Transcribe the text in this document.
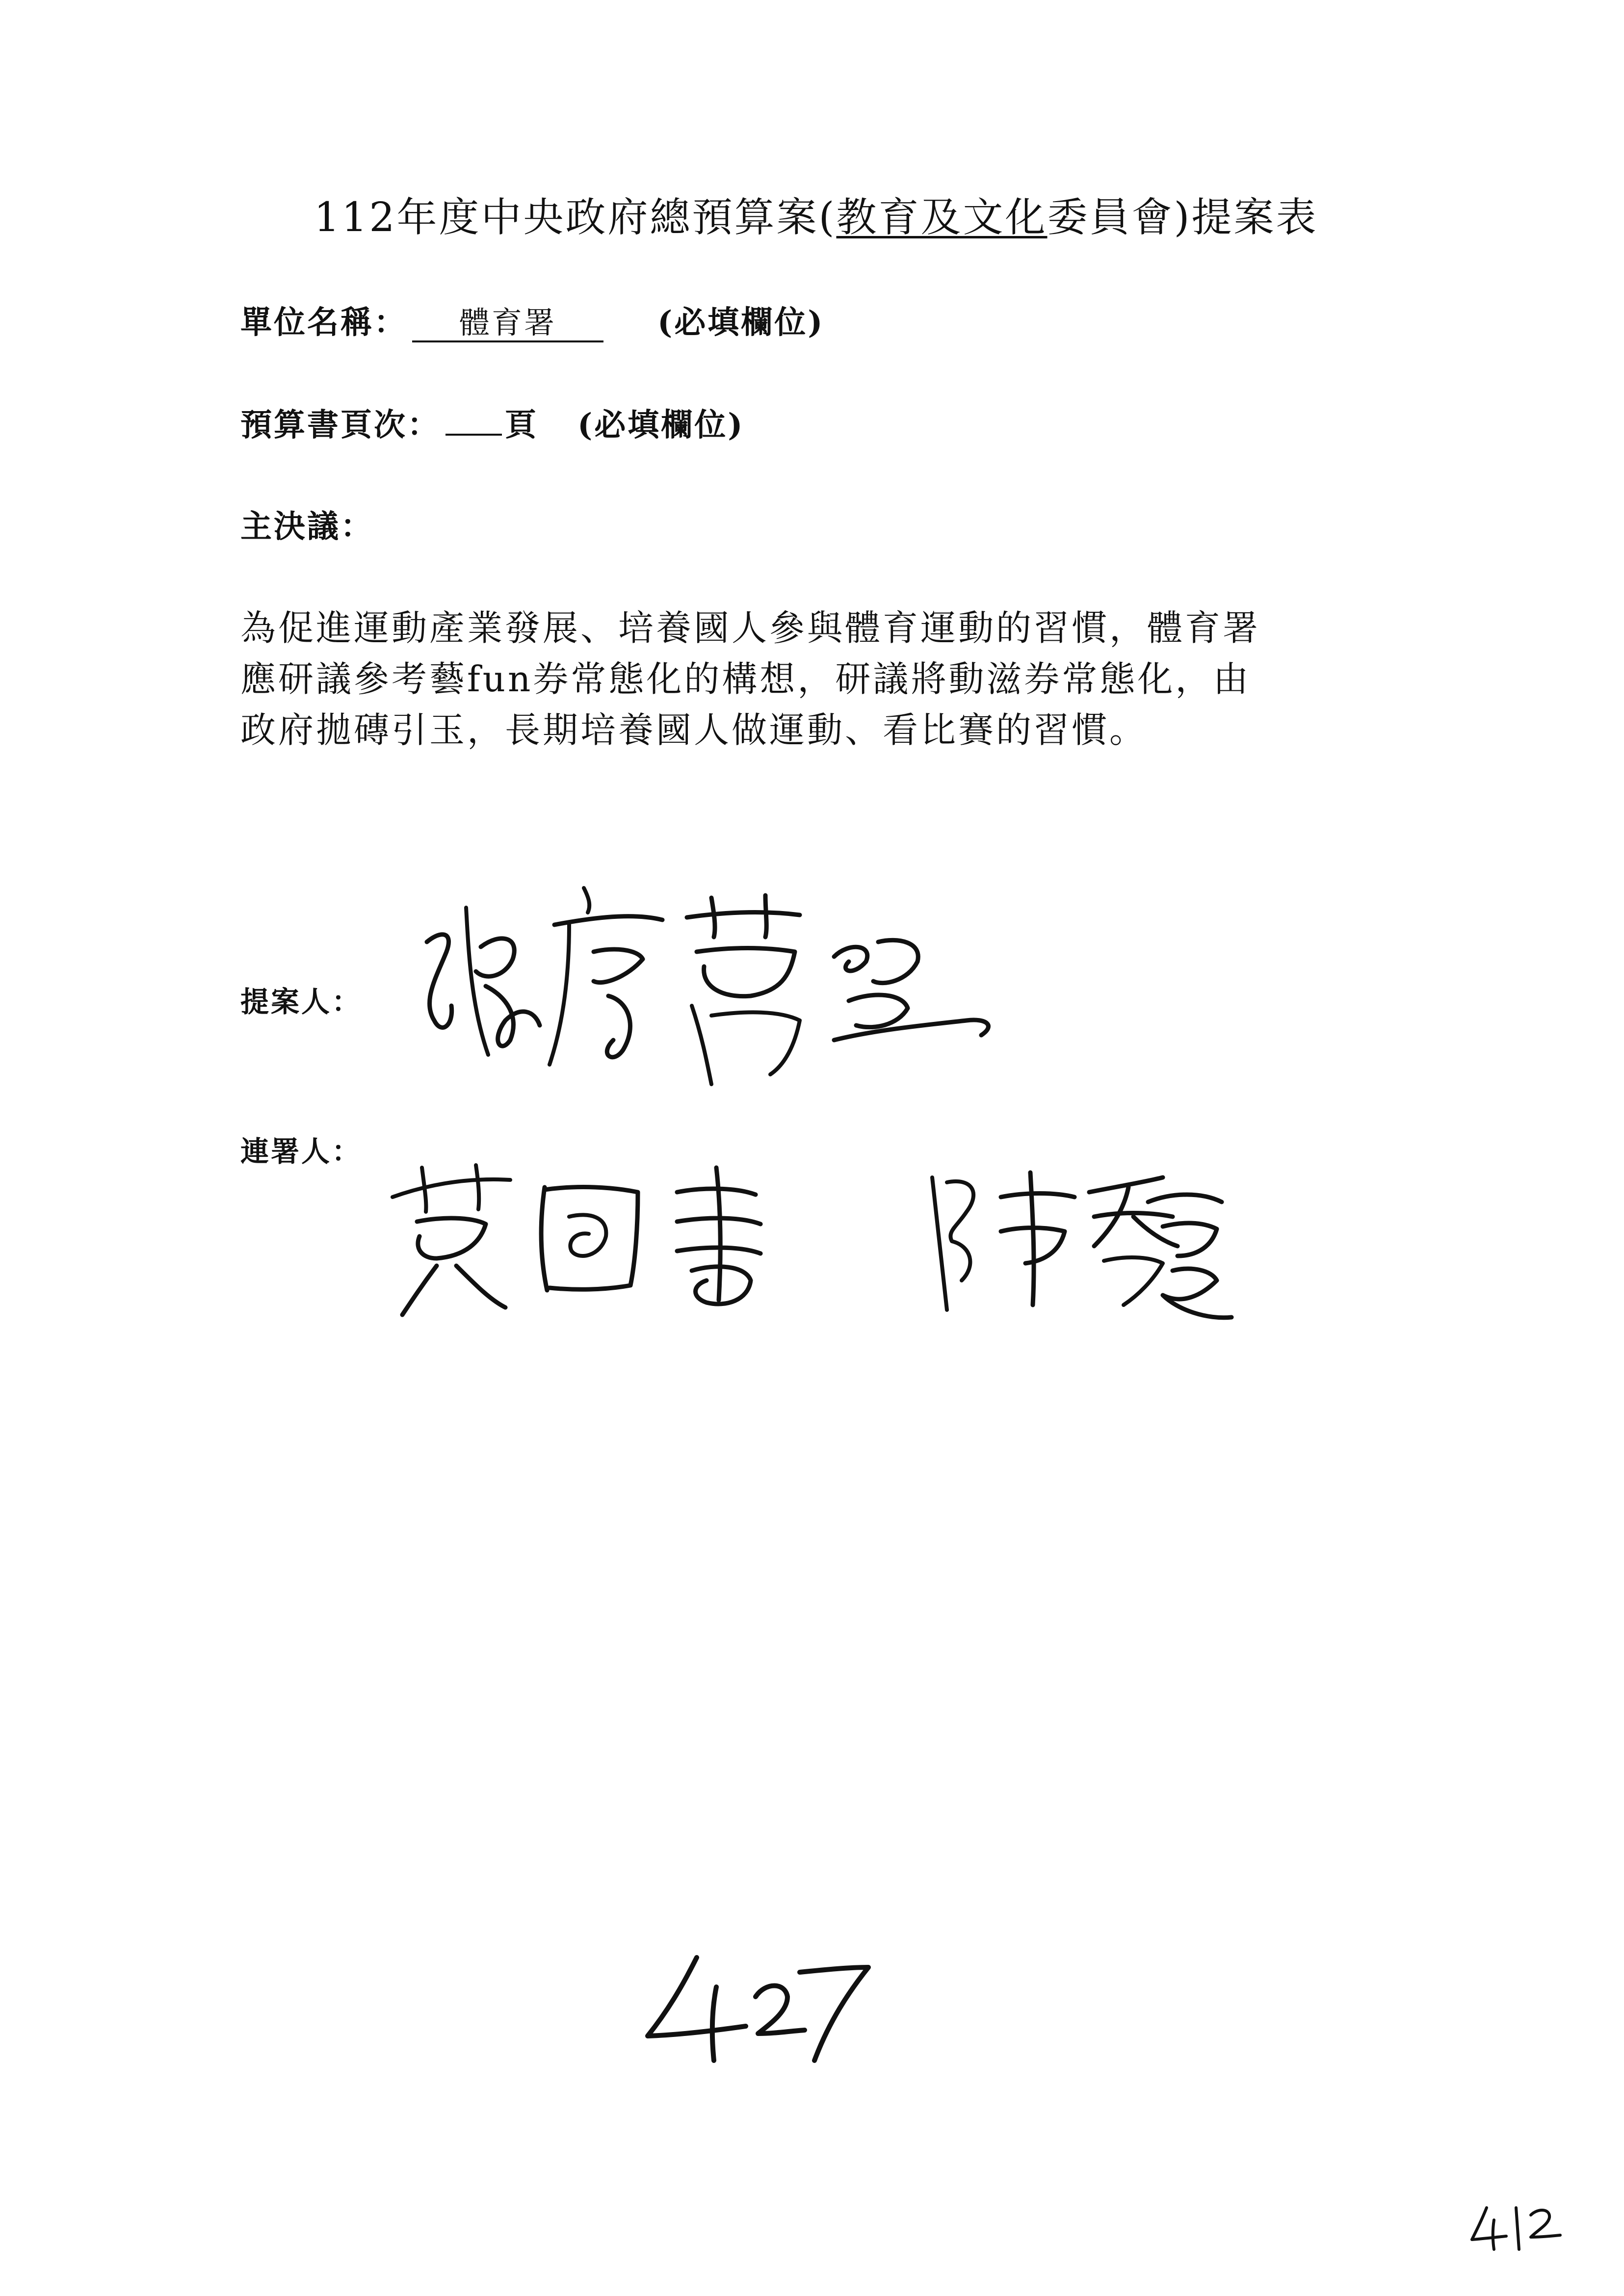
112年度中央政府總預算案(教育及文化委員會)提案表
單位名稱： 體育署	(必填欄位)
預算書頁次： 頁 (必填欄位)
主決議：
為促進運動產業發展、培養國人參與體育運動的習慣，體育署
應研議參考藝fun券常態化的構想，研議將動滋券常態化，由
政府拋磚引玉，長期培養國人做運動、看比賽的習慣。
提案人：
連署人：
